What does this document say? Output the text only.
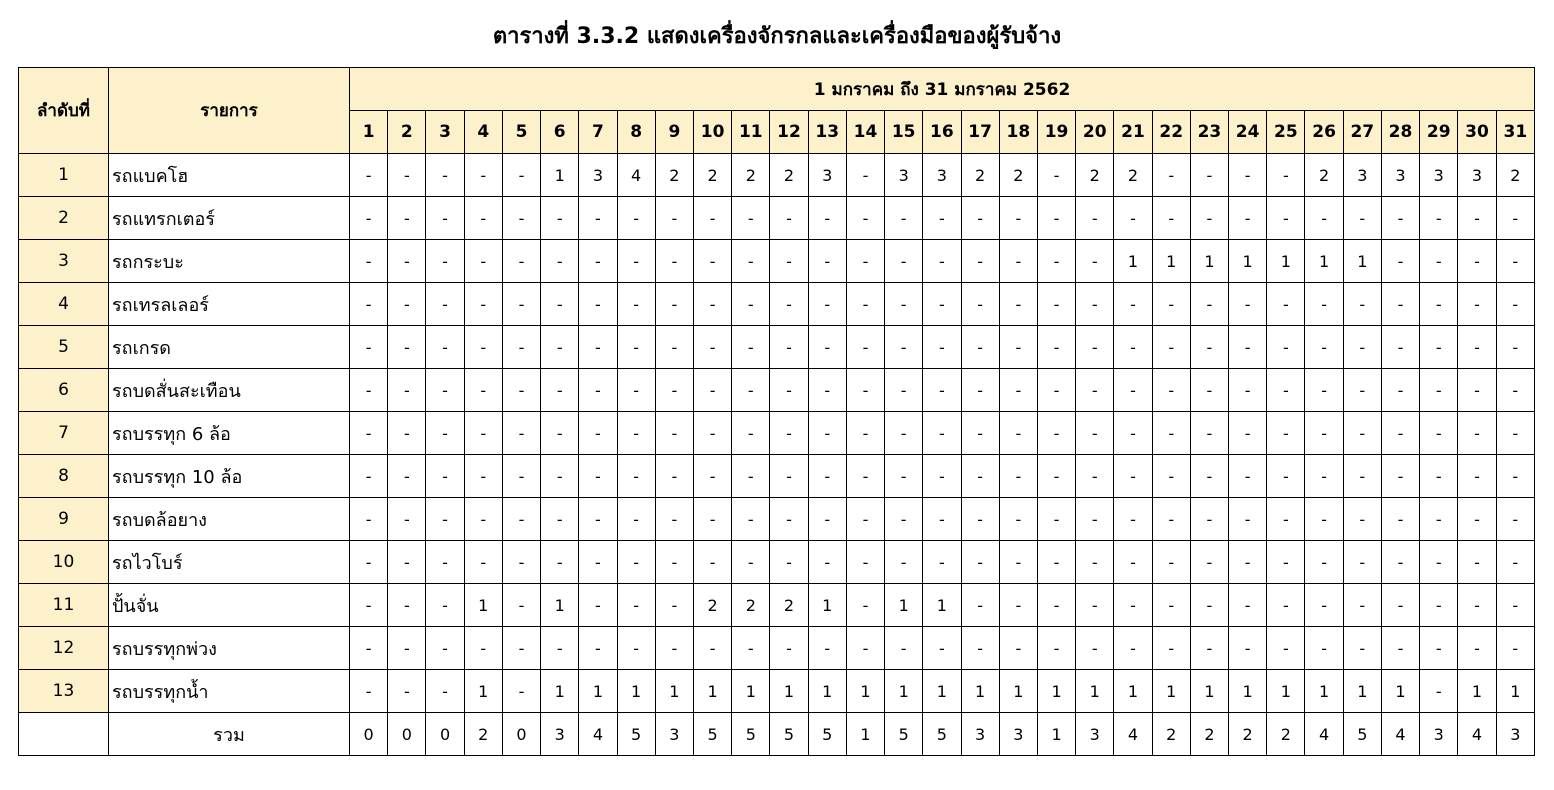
ตารางที่ 3.3.2 แสดงเครื่องจักรกลและเครื่องมือของผู้รับจ้าง
ลำดับที่	รายการ	1 มกราคม ถึง 31 มกราคม 2562																														
		1	2	3	4	5	6	7	8	9	10	11	12	13	14	15	16	17	18	19	20	21	22	23	24	25	26	27	28	29	30	31
1	รถแบคโฮ	-	-	-	-	-	1	3	4	2	2	2	2	3	-	3	3	2	2	-	2	2	-	-	-	-	2	3	3	3	3	2
2	รถแทรกเตอร์	-	-	-	-	-	-	-	-	-	-	-	-	-	-	-	-	-	-	-	-	-	-	-	-	-	-	-	-	-	-	-
3	รถกระบะ	-	-	-	-	-	-	-	-	-	-	-	-	-	-	-	-	-	-	-	-	1	1	1	1	1	1	1	-	-	-	-
4	รถเทรลเลอร์	-	-	-	-	-	-	-	-	-	-	-	-	-	-	-	-	-	-	-	-	-	-	-	-	-	-	-	-	-	-	-
5	รถเกรด	-	-	-	-	-	-	-	-	-	-	-	-	-	-	-	-	-	-	-	-	-	-	-	-	-	-	-	-	-	-	-
6	รถบดสั่นสะเทือน	-	-	-	-	-	-	-	-	-	-	-	-	-	-	-	-	-	-	-	-	-	-	-	-	-	-	-	-	-	-	-
7	รถบรรทุก 6 ล้อ	-	-	-	-	-	-	-	-	-	-	-	-	-	-	-	-	-	-	-	-	-	-	-	-	-	-	-	-	-	-	-
8	รถบรรทุก 10 ล้อ	-	-	-	-	-	-	-	-	-	-	-	-	-	-	-	-	-	-	-	-	-	-	-	-	-	-	-	-	-	-	-
9	รถบดล้อยาง	-	-	-	-	-	-	-	-	-	-	-	-	-	-	-	-	-	-	-	-	-	-	-	-	-	-	-	-	-	-	-
10	รถไวโบร์	-	-	-	-	-	-	-	-	-	-	-	-	-	-	-	-	-	-	-	-	-	-	-	-	-	-	-	-	-	-	-
11	ปั้นจั่น	-	-	-	1	-	1	-	-	-	2	2	2	1	-	1	1	-	-	-	-	-	-	-	-	-	-	-	-	-	-	-
12	รถบรรทุกพ่วง	-	-	-	-	-	-	-	-	-	-	-	-	-	-	-	-	-	-	-	-	-	-	-	-	-	-	-	-	-	-	-
13	รถบรรทุกน้ำ	-	-	-	1	-	1	1	1	1	1	1	1	1	1	1	1	1	1	1	1	1	1	1	1	1	1	1	1	-	1	1
	รวม	0	0	0	2	0	3	4	5	3	5	5	5	5	1	5	5	3	3	1	3	4	2	2	2	2	4	5	4	3	4	3
